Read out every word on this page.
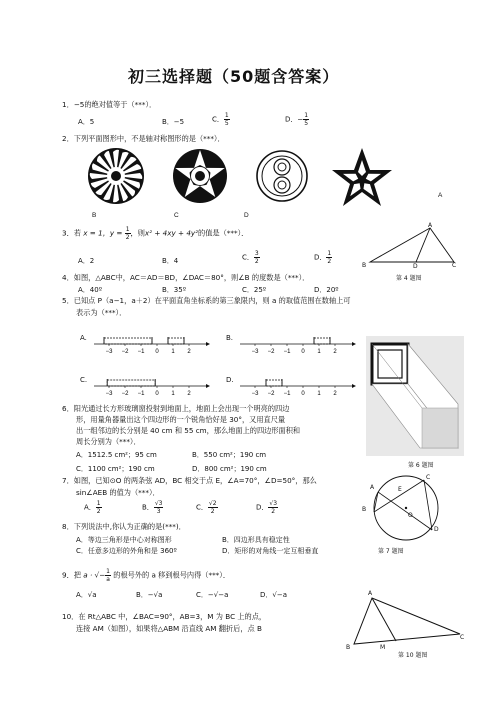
初三选择题（50题含答案）
1．−5的绝对值等于（***）．
A．5	B．−5	C． $\frac{1}{5}$	D．− $\frac{1}{5}$
2．下列平面图形中，不是轴对称图形的是（***）．
B	C	D
A
3．若 x = 1，$y = \frac{1}{2}$ ，则x² + 4xy + 4y²的值是（***）．
A．2	B．4	C． $\frac{3}{2}$	D． $\frac{1}{2}$
A
B	D	C
第 4 题图
4．如图，△ABC中，AC＝AD＝BD，∠DAC＝80°，则∠B 的度数是（***）．
A．40º	B．35º	C．25º	D．20º
5．已知点 P（a−1，a＋2）在平面直角坐标系的第三象限内，则 a 的取值范围在数轴上可
表示为（***）．
A.	B.
C.	D.
−3 −2 −1 0 1 2	−3 −2 −1 0 1 2
−3 −2 −1 0 1 2	−3 −2 −1 0 1 2
第 6 题图
6．阳光通过长方形玻璃窗投射到地面上，地面上会出现一个明亮的四边
形，用量角器量出这个四边形的一个锐角恰好是 30°，又用直尺量
出一组邻边的长分别是 40 cm 和 55 cm，那么地面上的四边形面积和
周长分别为（***）．
A．1512.5 cm²；95 cm	B．550 cm²；190 cm
C．1100 cm²；190 cm	D．800 cm²；190 cm
7．如图，已知⊙O 的两条弦 AD，BC 相交于点 E，∠A=70°，∠D=50°，那么
sin∠AEB 的值为（***）．
A． $\frac{1}{2}$	B． $\frac{√3}{3}$	C． $\frac{√2}{2}$	D． $\frac{√3}{2}$
A
B
C
D
E
O
第 7 题图
8．下列说法中,你认为正确的是(***)．
A．等边三角形是中心对称图形	B．四边形具有稳定性
C．任意多边形的外角和是 360º	D．矩形的对角线一定互相垂直
9．把 a · √− $\frac{1}{a}$ 的根号外的 a 移到根号内得（***）．
A．√a	B．−√a	C．−√−a	D．√−a
10．在 Rt△ABC 中，∠BAC=90°，AB=3，M 为 BC 上的点，
连接 AM（如图），如果将△ABM 沿直线 AM 翻折后，点 B
A
B	M
C
第 10 题图
